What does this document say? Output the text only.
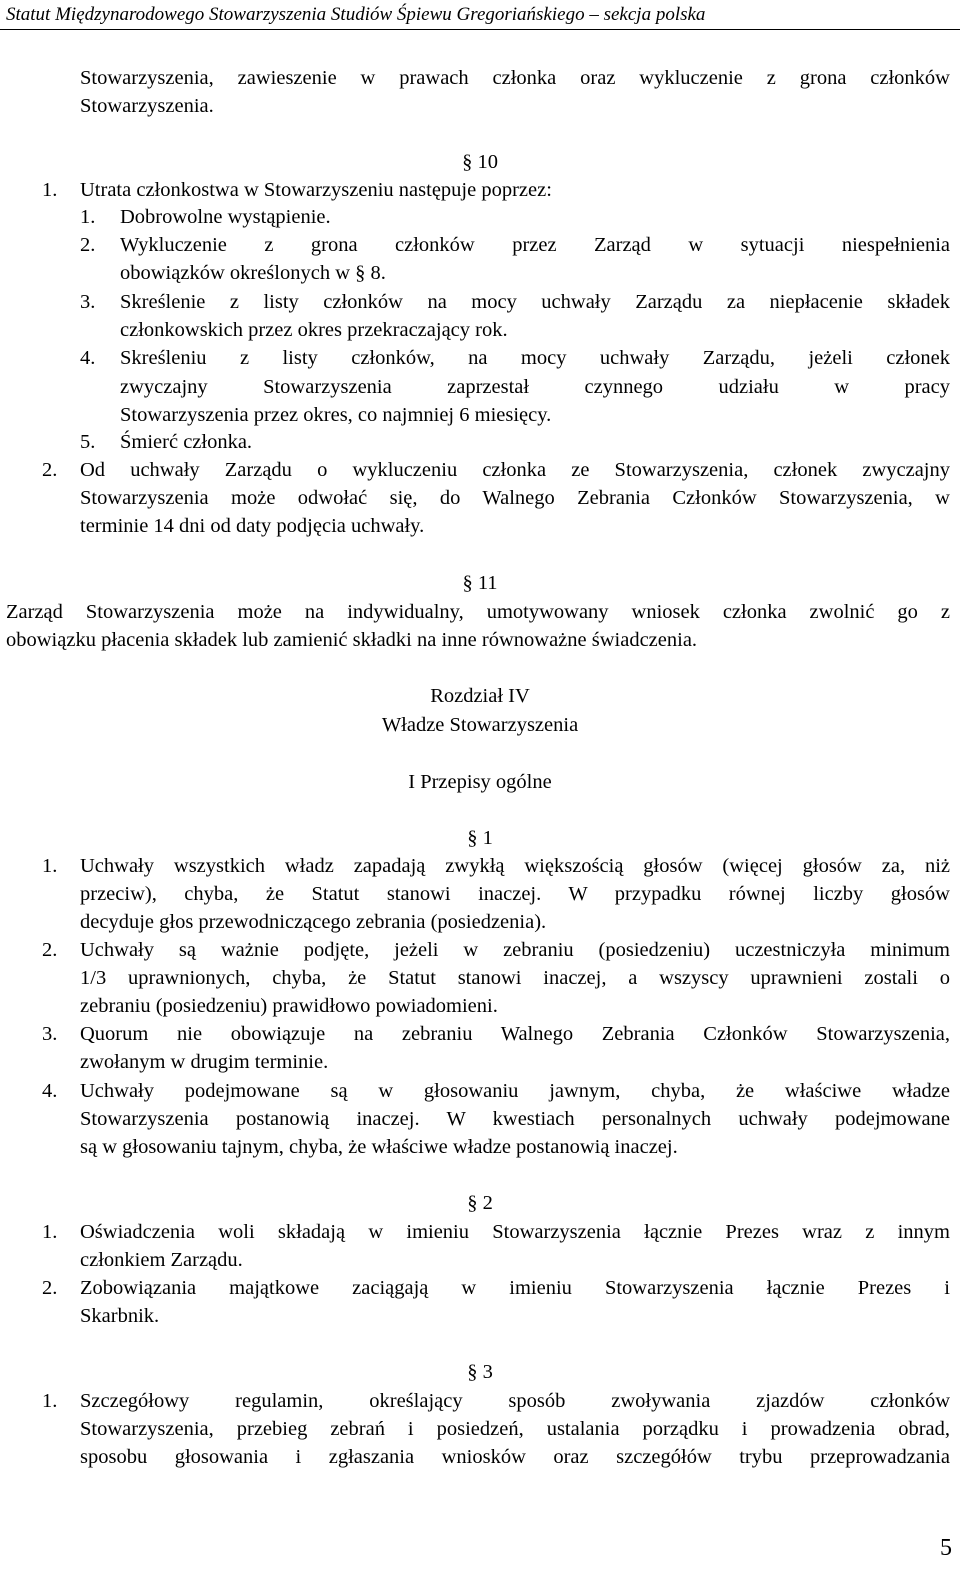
Statut Międzynarodowego Stowarzyszenia Studiów Śpiewu Gregoriańskiego – sekcja polska
Stowarzyszenia, zawieszenie w prawach członka oraz wykluczenie z grona członków
Stowarzyszenia.
§ 10
1. Utrata członkostwa w Stowarzyszeniu następuje poprzez:
1. Dobrowolne wystąpienie.
2. Wykluczenie z grona członków przez Zarząd w sytuacji niespełnienia
obowiązków określonych w § 8.
3. Skreślenie z listy członków na mocy uchwały Zarządu za niepłacenie składek
członkowskich przez okres przekraczający rok.
4. Skreśleniu z listy członków, na mocy uchwały Zarządu, jeżeli członek
zwyczajny Stowarzyszenia zaprzestał czynnego udziału w pracy
Stowarzyszenia przez okres, co najmniej 6 miesięcy.
5. Śmierć członka.
2. Od uchwały Zarządu o wykluczeniu członka ze Stowarzyszenia, członek zwyczajny
Stowarzyszenia może odwołać się, do Walnego Zebrania Członków Stowarzyszenia, w
terminie 14 dni od daty podjęcia uchwały.
§ 11
Zarząd Stowarzyszenia może na indywidualny, umotywowany wniosek członka zwolnić go z
obowiązku płacenia składek lub zamienić składki na inne równoważne świadczenia.
Rozdział IV
Władze Stowarzyszenia
I Przepisy ogólne
§ 1
1. Uchwały wszystkich władz zapadają zwykłą większością głosów (więcej głosów za, niż
przeciw), chyba, że Statut stanowi inaczej. W przypadku równej liczby głosów
decyduje głos przewodniczącego zebrania (posiedzenia).
2. Uchwały są ważnie podjęte, jeżeli w zebraniu (posiedzeniu) uczestniczyła minimum
1/3 uprawnionych, chyba, że Statut stanowi inaczej, a wszyscy uprawnieni zostali o
zebraniu (posiedzeniu) prawidłowo powiadomieni.
3. Quorum nie obowiązuje na zebraniu Walnego Zebrania Członków Stowarzyszenia,
zwołanym w drugim terminie.
4. Uchwały podejmowane są w głosowaniu jawnym, chyba, że właściwe władze
Stowarzyszenia postanowią inaczej. W kwestiach personalnych uchwały podejmowane
są w głosowaniu tajnym, chyba, że właściwe władze postanowią inaczej.
§ 2
1. Oświadczenia woli składają w imieniu Stowarzyszenia łącznie Prezes wraz z innym
członkiem Zarządu.
2. Zobowiązania majątkowe zaciągają w imieniu Stowarzyszenia łącznie Prezes i
Skarbnik.
§ 3
1. Szczegółowy regulamin, określający sposób zwoływania zjazdów członków
Stowarzyszenia, przebieg zebrań i posiedzeń, ustalania porządku i prowadzenia obrad,
sposobu głosowania i zgłaszania wniosków oraz szczegółów trybu przeprowadzania
5
